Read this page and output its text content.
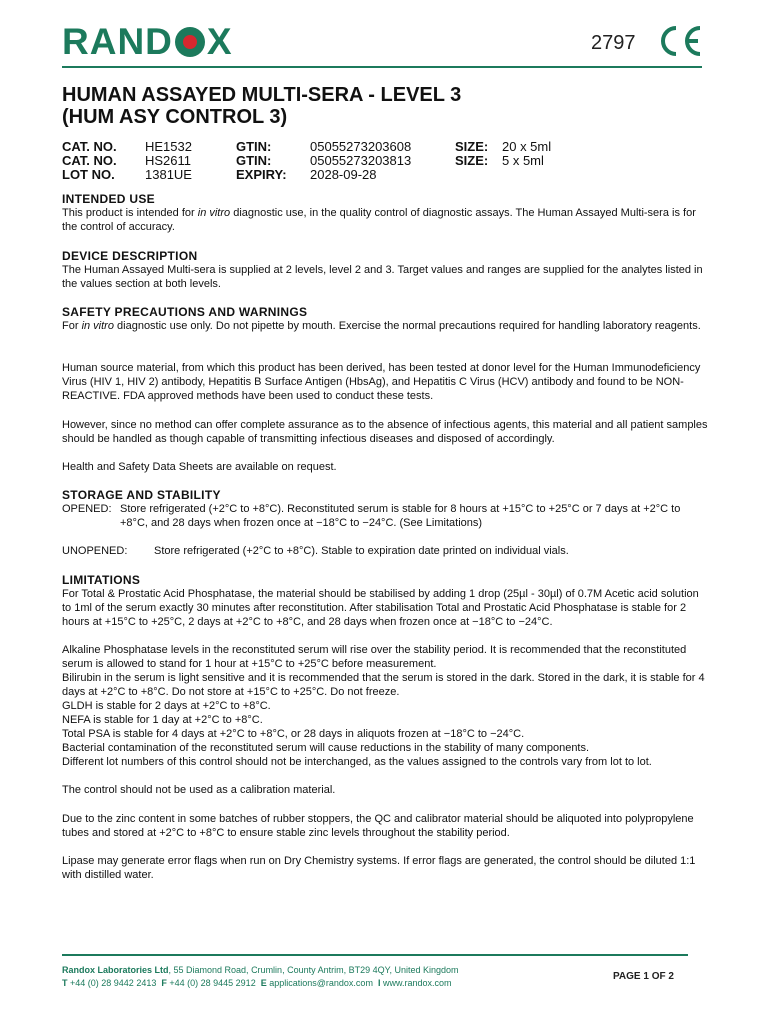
RAND X	2797
HUMAN ASSAYED MULTI-SERA - LEVEL 3
(HUM ASY CONTROL 3)
CAT. NO.
CAT. NO.
LOT NO.
HE1532
HS2611
1381UE
GTIN:
GTIN:
EXPIRY:
05055273203608
05055273203813
2028-09-28
SIZE:
SIZE:
20 x 5ml
5 x 5ml
INTENDED USE

This product is intended for in vitro diagnostic use, in the quality control of diagnostic assays. The Human Assayed Multi-sera is for the control of accuracy.

DEVICE DESCRIPTION

The Human Assayed Multi-sera is supplied at 2 levels, level 2 and 3. Target values and ranges are supplied for the analytes listed in the values section at both levels.

SAFETY PRECAUTIONS AND WARNINGS

For in vitro diagnostic use only. Do not pipette by mouth. Exercise the normal precautions required for handling laboratory reagents.

Human source material, from which this product has been derived, has been tested at donor level for the Human Immunodeficiency Virus (HIV 1, HIV 2) antibody, Hepatitis B Surface Antigen (HbsAg), and Hepatitis C Virus (HCV) antibody and found to be NON-REACTIVE. FDA approved methods have been used to conduct these tests.

However, since no method can offer complete assurance as to the absence of infectious agents, this material and all patient samples should be handled as though capable of transmitting infectious diseases and disposed of accordingly.

Health and Safety Data Sheets are available on request.

STORAGE AND STABILITY
OPENED: Store refrigerated (+2°C to +8°C). Reconstituted serum is stable for 8 hours at +15°C to +25°C or 7 days at +2°C to +8°C, and 28 days when frozen once at −18°C to −24°C. (See Limitations)

UNOPENED: Store refrigerated (+2°C to +8°C). Stable to expiration date printed on individual vials.

LIMITATIONS

For Total & Prostatic Acid Phosphatase, the material should be stabilised by adding 1 drop (25µl - 30µl) of 0.7M Acetic acid solution to 1ml of the serum exactly 30 minutes after reconstitution. After stabilisation Total and Prostatic Acid Phosphatase is stable for 2 hours at +15°C to +25°C, 2 days at +2°C to +8°C, and 28 days when frozen once at −18°C to −24°C.

Alkaline Phosphatase levels in the reconstituted serum will rise over the stability period. It is recommended that the reconstituted serum is allowed to stand for 1 hour at +15°C to +25°C before measurement.

Bilirubin in the serum is light sensitive and it is recommended that the serum is stored in the dark. Stored in the dark, it is stable for 4 days at +2°C to +8°C. Do not store at +15°C to +25°C. Do not freeze.

GLDH is stable for 2 days at +2°C to +8°C.

NEFA is stable for 1 day at +2°C to +8°C.

Total PSA is stable for 4 days at +2°C to +8°C, or 28 days in aliquots frozen at −18°C to −24°C.

Bacterial contamination of the reconstituted serum will cause reductions in the stability of many components.

Different lot numbers of this control should not be interchanged, as the values assigned to the controls vary from lot to lot.

The control should not be used as a calibration material.

Due to the zinc content in some batches of rubber stoppers, the QC and calibrator material should be aliquoted into polypropylene tubes and stored at +2°C to +8°C to ensure stable zinc levels throughout the stability period.

Lipase may generate error flags when run on Dry Chemistry systems. If error flags are generated, the control should be diluted 1:1 with distilled water.

Randox Laboratories Ltd, 55 Diamond Road, Crumlin, County Antrim, BT29 4QY, United Kingdom
T +44 (0) 28 9442 2413 F +44 (0) 28 9445 2912 E applications@randox.com I www.randox.com
PAGE 1 OF 2
